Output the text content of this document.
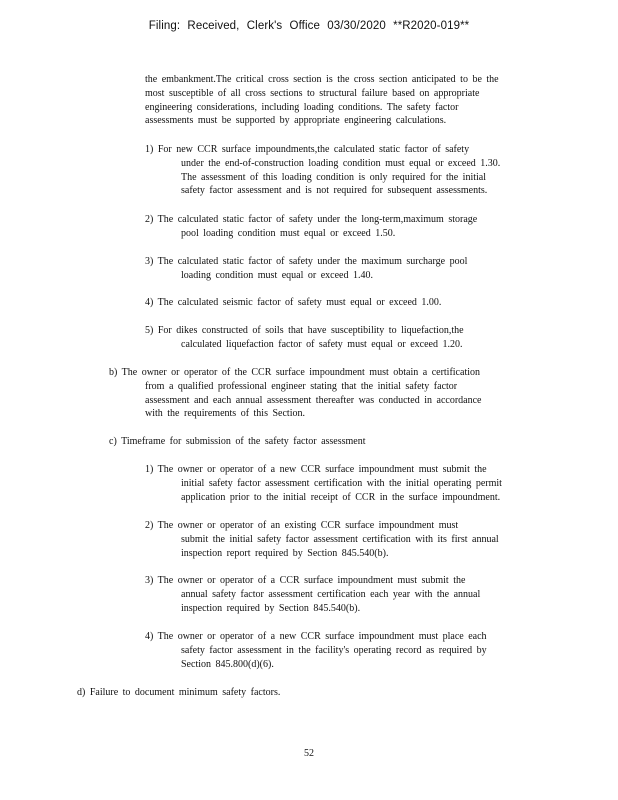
Filing: Received, Clerk's Office 03/30/2020 **R2020-019**
the embankment.The critical cross section is the cross section anticipated to be the
most susceptible of all cross sections to structural failure based on appropriate
engineering considerations, including loading conditions. The safety factor
assessments must be supported by appropriate engineering calculations.
1) For new CCR surface impoundments,the calculated static factor of safety
under the end-of-construction loading condition must equal or exceed 1.30.
The assessment of this loading condition is only required for the initial
safety factor assessment and is not required for subsequent assessments.
2) The calculated static factor of safety under the long-term,maximum storage
pool loading condition must equal or exceed 1.50.
3) The calculated static factor of safety under the maximum surcharge pool
loading condition must equal or exceed 1.40.
4) The calculated seismic factor of safety must equal or exceed 1.00.
5) For dikes constructed of soils that have susceptibility to liquefaction,the
calculated liquefaction factor of safety must equal or exceed 1.20.
b) The owner or operator of the CCR surface impoundment must obtain a certification
from a qualified professional engineer stating that the initial safety factor
assessment and each annual assessment thereafter was conducted in accordance
with the requirements of this Section.
c) Timeframe for submission of the safety factor assessment
1) The owner or operator of a new CCR surface impoundment must submit the
initial safety factor assessment certification with the initial operating permit
application prior to the initial receipt of CCR in the surface impoundment.
2) The owner or operator of an existing CCR surface impoundment must
submit the initial safety factor assessment certification with its first annual
inspection report required by Section 845.540(b).
3) The owner or operator of a CCR surface impoundment must submit the
annual safety factor assessment certification each year with the annual
inspection required by Section 845.540(b).
4) The owner or operator of a new CCR surface impoundment must place each
safety factor assessment in the facility's operating record as required by
Section 845.800(d)(6).
d) Failure to document minimum safety factors.
52
